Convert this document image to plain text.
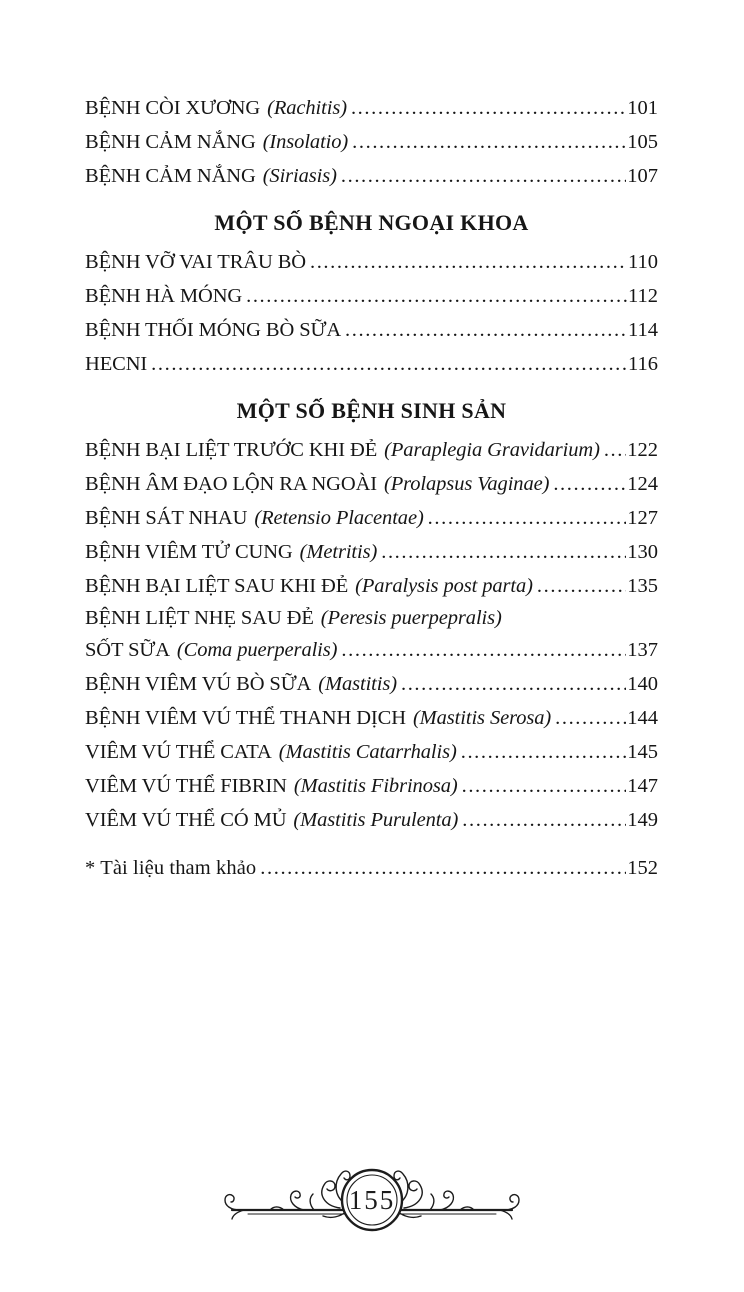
BỆNH CÒI XƯƠNG (Rachitis) .....	101
BỆNH CẢM NẮNG (Insolatio) .....	105
BỆNH CẢM NẮNG (Siriasis) .....	107
MỘT SỐ BỆNH NGOẠI KHOA
BỆNH VỠ VAI TRÂU BÒ .....	110
BỆNH HÀ MÓNG .....	112
BỆNH THỐI MÓNG BÒ SỮA .....	114
HECNI .....	116
MỘT SỐ BỆNH SINH SẢN
BỆNH BẠI LIỆT TRƯỚC KHI ĐẺ (Paraplegia Gravidarium) ..... 122
BỆNH ÂM ĐẠO LỘN RA NGOÀI (Prolapsus Vaginae) .....	124
BỆNH SÁT NHAU (Retensio Placentae) .....	127
BỆNH VIÊM TỬ CUNG (Metritis) .....	130
BỆNH BẠI LIỆT SAU KHI ĐẺ (Paralysis post parta) .....	135
BỆNH LIỆT NHẸ SAU ĐẺ (Peresis puerpepralis)
SỐT SỮA (Coma puerperalis) .....	137
BỆNH VIÊM VÚ BÒ SỮA (Mastitis) .....	140
BỆNH VIÊM VÚ THỂ THANH DỊCH (Mastitis Serosa) .....	144
VIÊM VÚ THỂ CATA (Mastitis Catarrhalis) .....	145
VIÊM VÚ THỂ FIBRIN (Mastitis Fibrinosa) .....	147
VIÊM VÚ THỂ CÓ MỦ (Mastitis Purulenta) .....	149
* Tài liệu tham khảo .....	152
155
